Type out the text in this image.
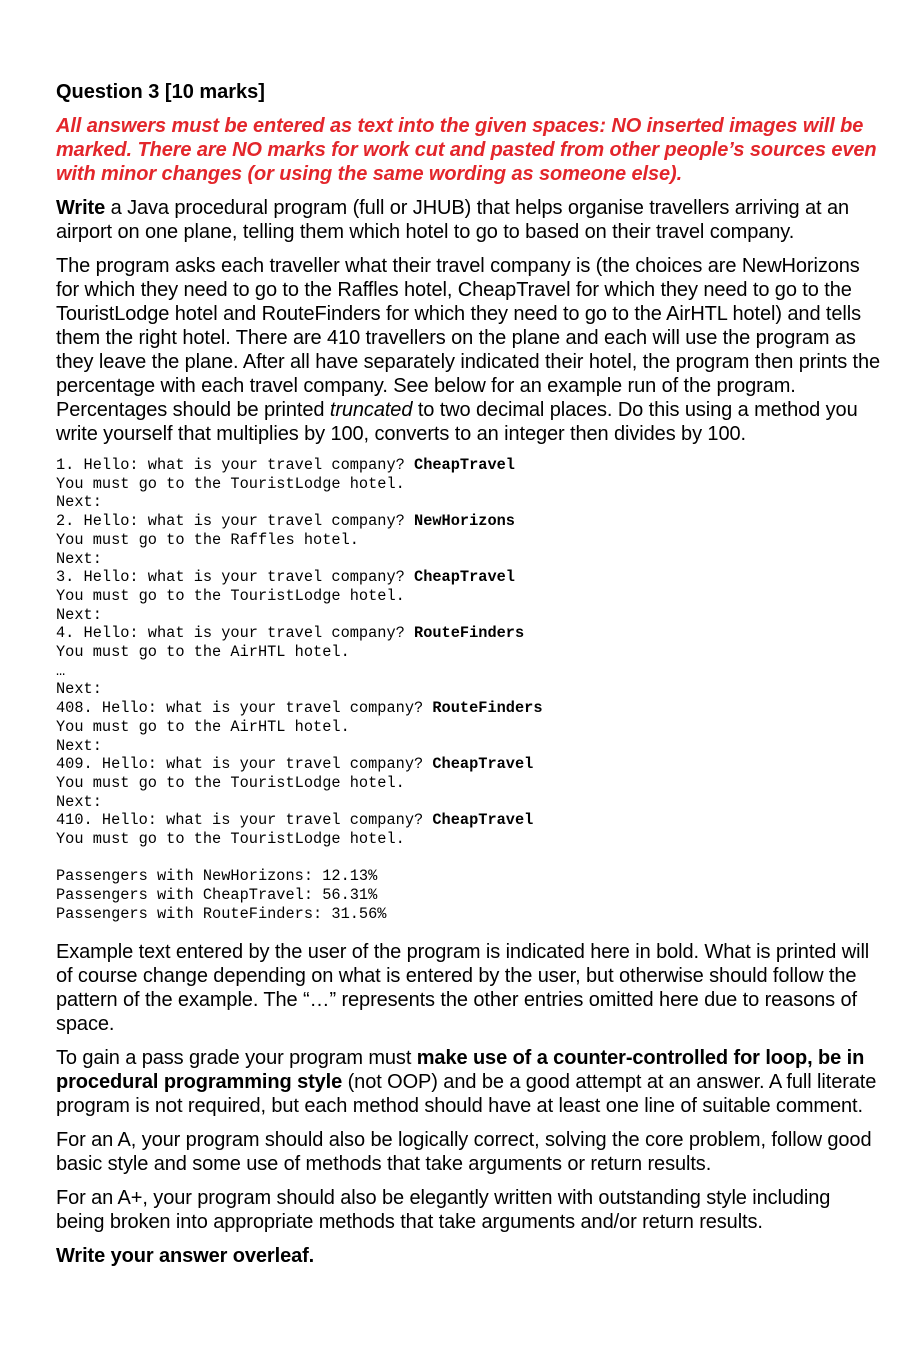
Question 3 [10 marks]

All answers must be entered as text into the given spaces: NO inserted images will be marked. There are NO marks for work cut and pasted from other people’s sources even with minor changes (or using the same wording as someone else).

Write a Java procedural program (full or JHUB) that helps organise travellers arriving at an airport on one plane, telling them which hotel to go to based on their travel company.

The program asks each traveller what their travel company is (the choices are NewHorizons for which they need to go to the Raffles hotel, CheapTravel for which they need to go to the TouristLodge hotel and RouteFinders for which they need to go to the AirHTL hotel) and tells them the right hotel. There are 410 travellers on the plane and each will use the program as they leave the plane. After all have separately indicated their hotel, the program then prints the percentage with each travel company. See below for an example run of the program. Percentages should be printed truncated to two decimal places. Do this using a method you write yourself that multiplies by 100, converts to an integer then divides by 100.

1. Hello: what is your travel company? CheapTravel
You must go to the TouristLodge hotel.
Next:
2. Hello: what is your travel company? NewHorizons
You must go to the Raffles hotel.
Next:
3. Hello: what is your travel company? CheapTravel
You must go to the TouristLodge hotel.
Next:
4. Hello: what is your travel company? RouteFinders
You must go to the AirHTL hotel.
…
Next:
408. Hello: what is your travel company? RouteFinders
You must go to the AirHTL hotel.
Next:
409. Hello: what is your travel company? CheapTravel
You must go to the TouristLodge hotel.
Next:
410. Hello: what is your travel company? CheapTravel
You must go to the TouristLodge hotel.
Passengers with NewHorizons: 12.13%
Passengers with CheapTravel: 56.31%
Passengers with RouteFinders: 31.56%

Example text entered by the user of the program is indicated here in bold. What is printed will of course change depending on what is entered by the user, but otherwise should follow the pattern of the example. The “…” represents the other entries omitted here due to reasons of space.

To gain a pass grade your program must make use of a counter-controlled for loop, be in procedural programming style (not OOP) and be a good attempt at an answer. A full literate program is not required, but each method should have at least one line of suitable comment.

For an A, your program should also be logically correct, solving the core problem, follow good basic style and some use of methods that take arguments or return results.

For an A+, your program should also be elegantly written with outstanding style including being broken into appropriate methods that take arguments and/or return results.

Write your answer overleaf.
